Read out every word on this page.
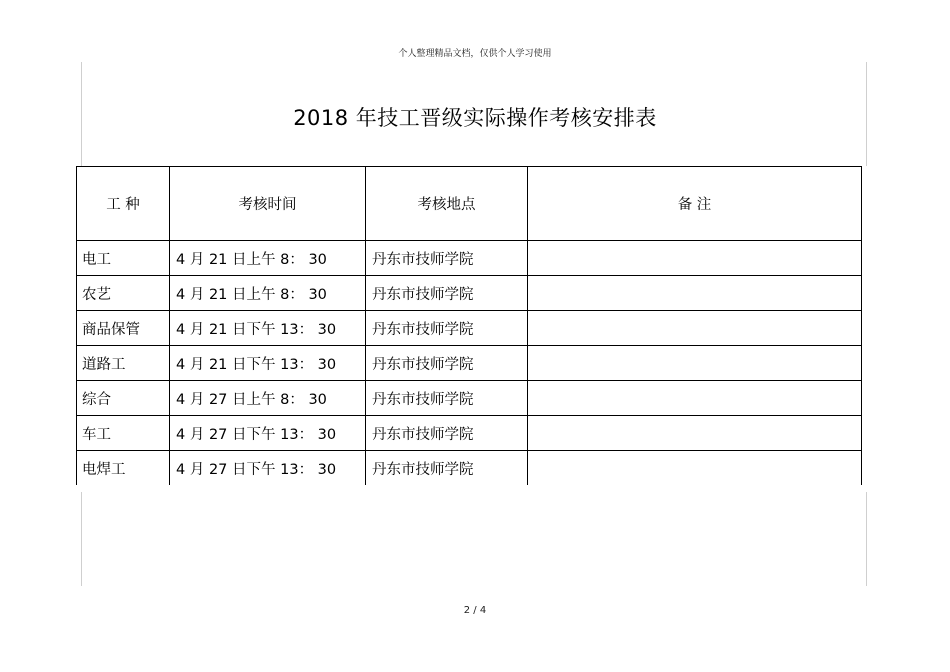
个人整理精品文档，仅供个人学习使用
2018 年技工晋级实际操作考核安排表
工 种	考核时间	考核地点	备 注
电工	4 月 21 日上午 8： 30	丹东市技师学院	
农艺	4 月 21 日上午 8： 30	丹东市技师学院	
商品保管	4 月 21 日下午 13： 30	丹东市技师学院	
道路工	4 月 21 日下午 13： 30	丹东市技师学院	
综合	4 月 27 日上午 8： 30	丹东市技师学院	
车工	4 月 27 日下午 13： 30	丹东市技师学院	
电焊工	4 月 27 日下午 13： 30	丹东市技师学院	
2 / 4
